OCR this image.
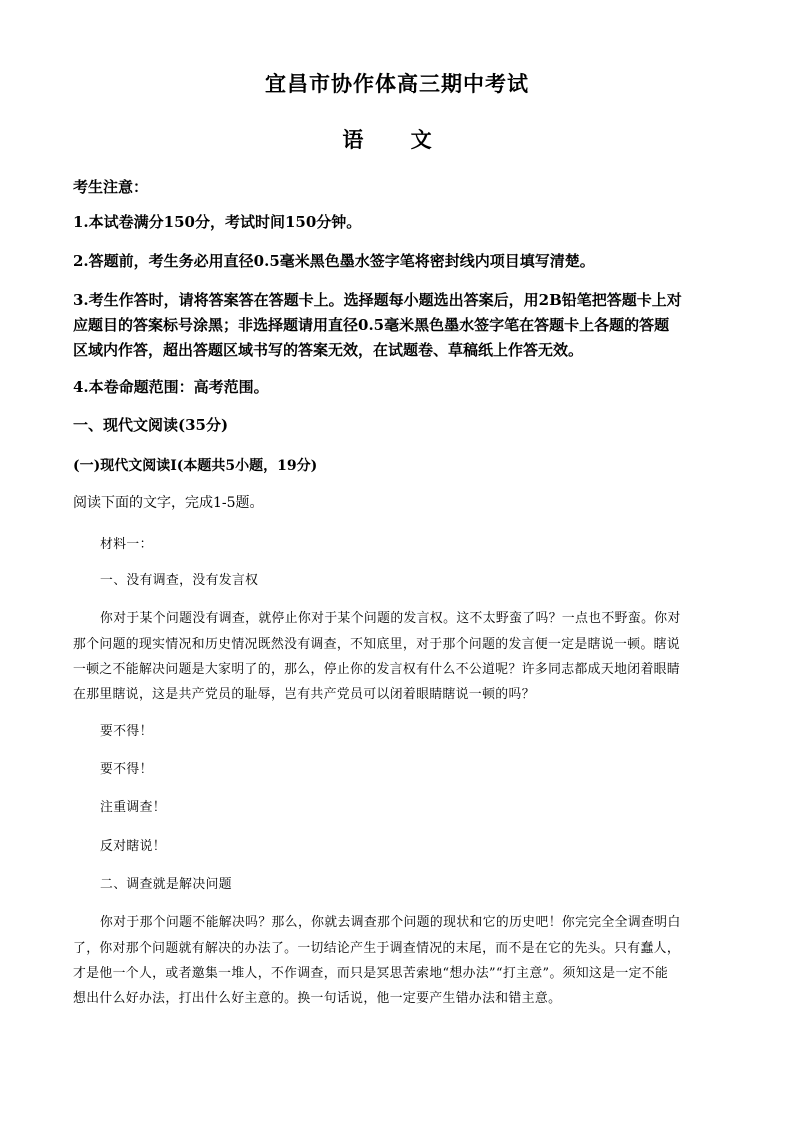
宜昌市协作体高三期中考试
语 文
考生注意：
1.本试卷满分150分，考试时间150分钟。
2.答题前，考生务必用直径0.5毫米黑色墨水签字笔将密封线内项目填写清楚。
3.考生作答时，请将答案答在答题卡上。选择题每小题选出答案后，用2B铅笔把答题卡上对
应题目的答案标号涂黑；非选择题请用直径0.5毫米黑色墨水签字笔在答题卡上各题的答题
区域内作答，超出答题区域书写的答案无效，在试题卷、草稿纸上作答无效。
4.本卷命题范围：高考范围。
一、现代文阅读(35分)
(一)现代文阅读Ⅰ(本题共5小题，19分)
阅读下面的文字，完成1-5题。
材料一：
一、没有调查，没有发言权
你对于某个问题没有调查，就停止你对于某个问题的发言权。这不太野蛮了吗？一点也不野蛮。你对
那个问题的现实情况和历史情况既然没有调查，不知底里，对于那个问题的发言便一定是瞎说一顿。瞎说
一顿之不能解决问题是大家明了的，那么，停止你的发言权有什么不公道呢？许多同志都成天地闭着眼睛
在那里瞎说，这是共产党员的耻辱，岂有共产党员可以闭着眼睛瞎说一顿的吗？
要不得！
要不得！
注重调查！
反对瞎说！
二、调查就是解决问题
你对于那个问题不能解决吗？那么，你就去调查那个问题的现状和它的历史吧！你完完全全调查明白
了，你对那个问题就有解决的办法了。一切结论产生于调查情况的末尾，而不是在它的先头。只有蠢人，
才是他一个人，或者邀集一堆人，不作调查，而只是冥思苦索地“想办法”“打主意”。须知这是一定不能
想出什么好办法，打出什么好主意的。换一句话说，他一定要产生错办法和错主意。
